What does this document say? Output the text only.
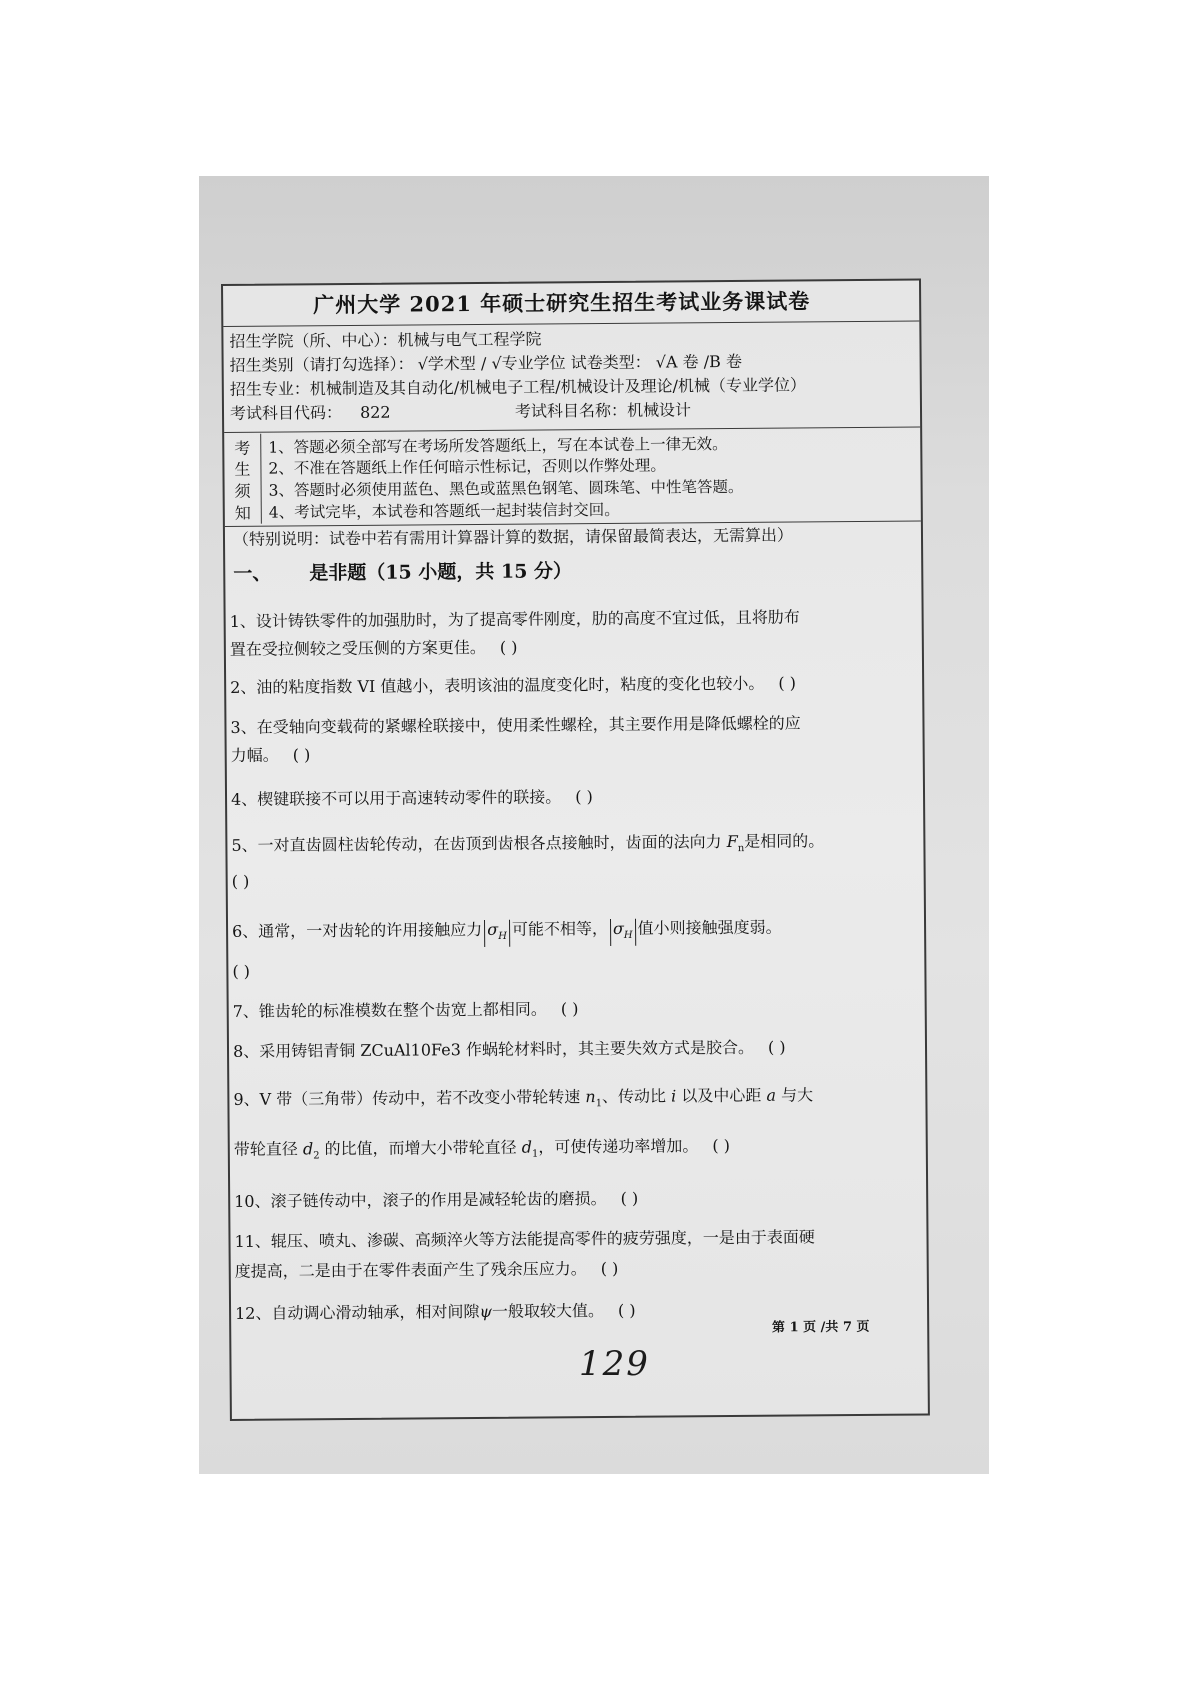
广州大学 2021 年硕士研究生招生考试业务课试卷
招生学院（所、中心）：机械与电气工程学院
招生类别（请打勾选择）： √学术型 / √专业学位 试卷类型： √A 卷 /B 卷
招生专业：机械制造及其自动化/机械电子工程/机械设计及理论/机械（专业学位）
考试科目代码： 822	考试科目名称：机械设计
考
生
须
知
1、答题必须全部写在考场所发答题纸上，写在本试卷上一律无效。
2、不准在答题纸上作任何暗示性标记，否则以作弊处理。
3、答题时必须使用蓝色、黑色或蓝黑色钢笔、圆珠笔、中性笔答题。
4、考试完毕，本试卷和答题纸一起封装信封交回。
（特别说明：试卷中若有需用计算器计算的数据，请保留最简表达，无需算出）
一、 是非题（15 小题，共 15 分）
1、设计铸铁零件的加强肋时，为了提高零件刚度，肋的高度不宜过低，且将肋布
置在受拉侧较之受压侧的方案更佳。 ( )
2、油的粘度指数 VI 值越小，表明该油的温度变化时，粘度的变化也较小。 ( )
3、在受轴向变载荷的紧螺栓联接中，使用柔性螺栓，其主要作用是降低螺栓的应
力幅。 ( )
4、楔键联接不可以用于高速转动零件的联接。 ( )
5、一对直齿圆柱齿轮传动，在齿顶到齿根各点接触时，齿面的法向力 $F_n$是相同的。
( )
6、通常，一对齿轮的许用接触应力 $\sigma_H$ 可能不相等， $\sigma_H$ 值小则接触强度弱。
( )
7、锥齿轮的标准模数在整个齿宽上都相同。 ( )
8、采用铸铝青铜 ZCuAl10Fe3 作蜗轮材料时，其主要失效方式是胶合。 ( )
9、V 带（三角带）传动中，若不改变小带轮转速 $n_1$、传动比 i 以及中心距 a 与大
带轮直径 $d_2$ 的比值，而增大小带轮直径 $d_1$，可使传递功率增加。 ( )
10、滚子链传动中，滚子的作用是减轻轮齿的磨损。 ( )
11、辊压、喷丸、渗碳、高频淬火等方法能提高零件的疲劳强度，一是由于表面硬
度提高，二是由于在零件表面产生了残余压应力。 ( )
12、自动调心滑动轴承，相对间隙ψ一般取较大值。 ( )
第 1 页 /共 7 页
129
